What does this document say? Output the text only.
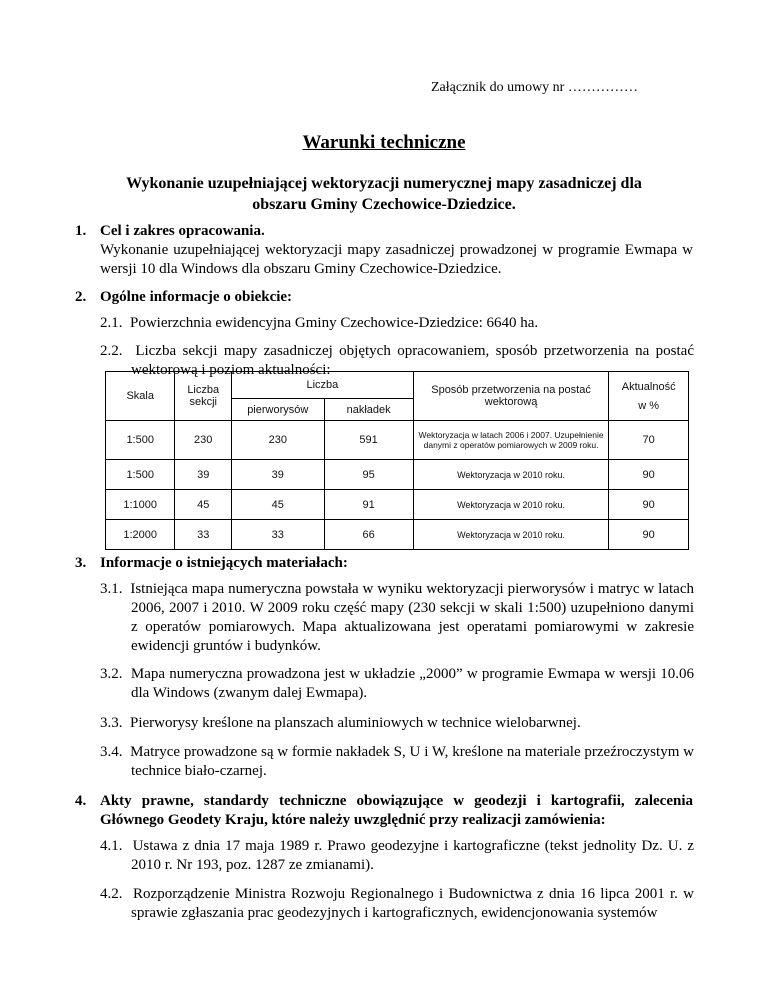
Załącznik do umowy nr ……………
Warunki techniczne
Wykonanie uzupełniającej wektoryzacji numerycznej mapy zasadniczej dla obszaru Gminy Czechowice-Dziedzice.
1. Cel i zakres opracowania.
Wykonanie uzupełniającej wektoryzacji mapy zasadniczej prowadzonej w programie Ewmapa w wersji 10 dla Windows dla obszaru Gminy Czechowice-Dziedzice.
2. Ogólne informacje o obiekcie:
2.1. Powierzchnia ewidencyjna Gminy Czechowice-Dziedzice: 6640 ha.
2.2. Liczba sekcji mapy zasadniczej objętych opracowaniem, sposób przetworzenia na postać wektorową i poziom aktualności:
Skala	Liczba sekcji	Liczba		Sposób przetworzenia na postać wektorową	Aktualność
w %

		pierworysów	nakładek		
1:500	230	230	591	Wektoryzacja w latach 2006 i 2007. Uzupełnienie danymi z operatów pomiarowych w 2009 roku.	70
1:500	39	39	95	Wektoryzacja w 2010 roku.	90
1:1000	45	45	91	Wektoryzacja w 2010 roku.	90
1:2000	33	33	66	Wektoryzacja w 2010 roku.	90
3. Informacje o istniejących materiałach:
3.1. Istniejąca mapa numeryczna powstała w wyniku wektoryzacji pierworysów i matryc w latach 2006, 2007 i 2010. W 2009 roku część mapy (230 sekcji w skali 1:500) uzupełniono danymi z operatów pomiarowych. Mapa aktualizowana jest operatami pomiarowymi w zakresie ewidencji gruntów i budynków.
3.2. Mapa numeryczna prowadzona jest w układzie „2000” w programie Ewmapa w wersji 10.06 dla Windows (zwanym dalej Ewmapa).
3.3. Pierworysy kreślone na planszach aluminiowych w technice wielobarwnej.
3.4. Matryce prowadzone są w formie nakładek S, U i W, kreślone na materiale przeźroczystym w technice biało-czarnej.
4. Akty prawne, standardy techniczne obowiązujące w geodezji i kartografii, zalecenia Głównego Geodety Kraju, które należy uwzględnić przy realizacji zamówienia:
4.1. Ustawa z dnia 17 maja 1989 r. Prawo geodezyjne i kartograficzne (tekst jednolity Dz. U. z 2010 r. Nr 193, poz. 1287 ze zmianami).
4.2. Rozporządzenie Ministra Rozwoju Regionalnego i Budownictwa z dnia 16 lipca 2001 r. w sprawie zgłaszania prac geodezyjnych i kartograficznych, ewidencjonowania systemów
